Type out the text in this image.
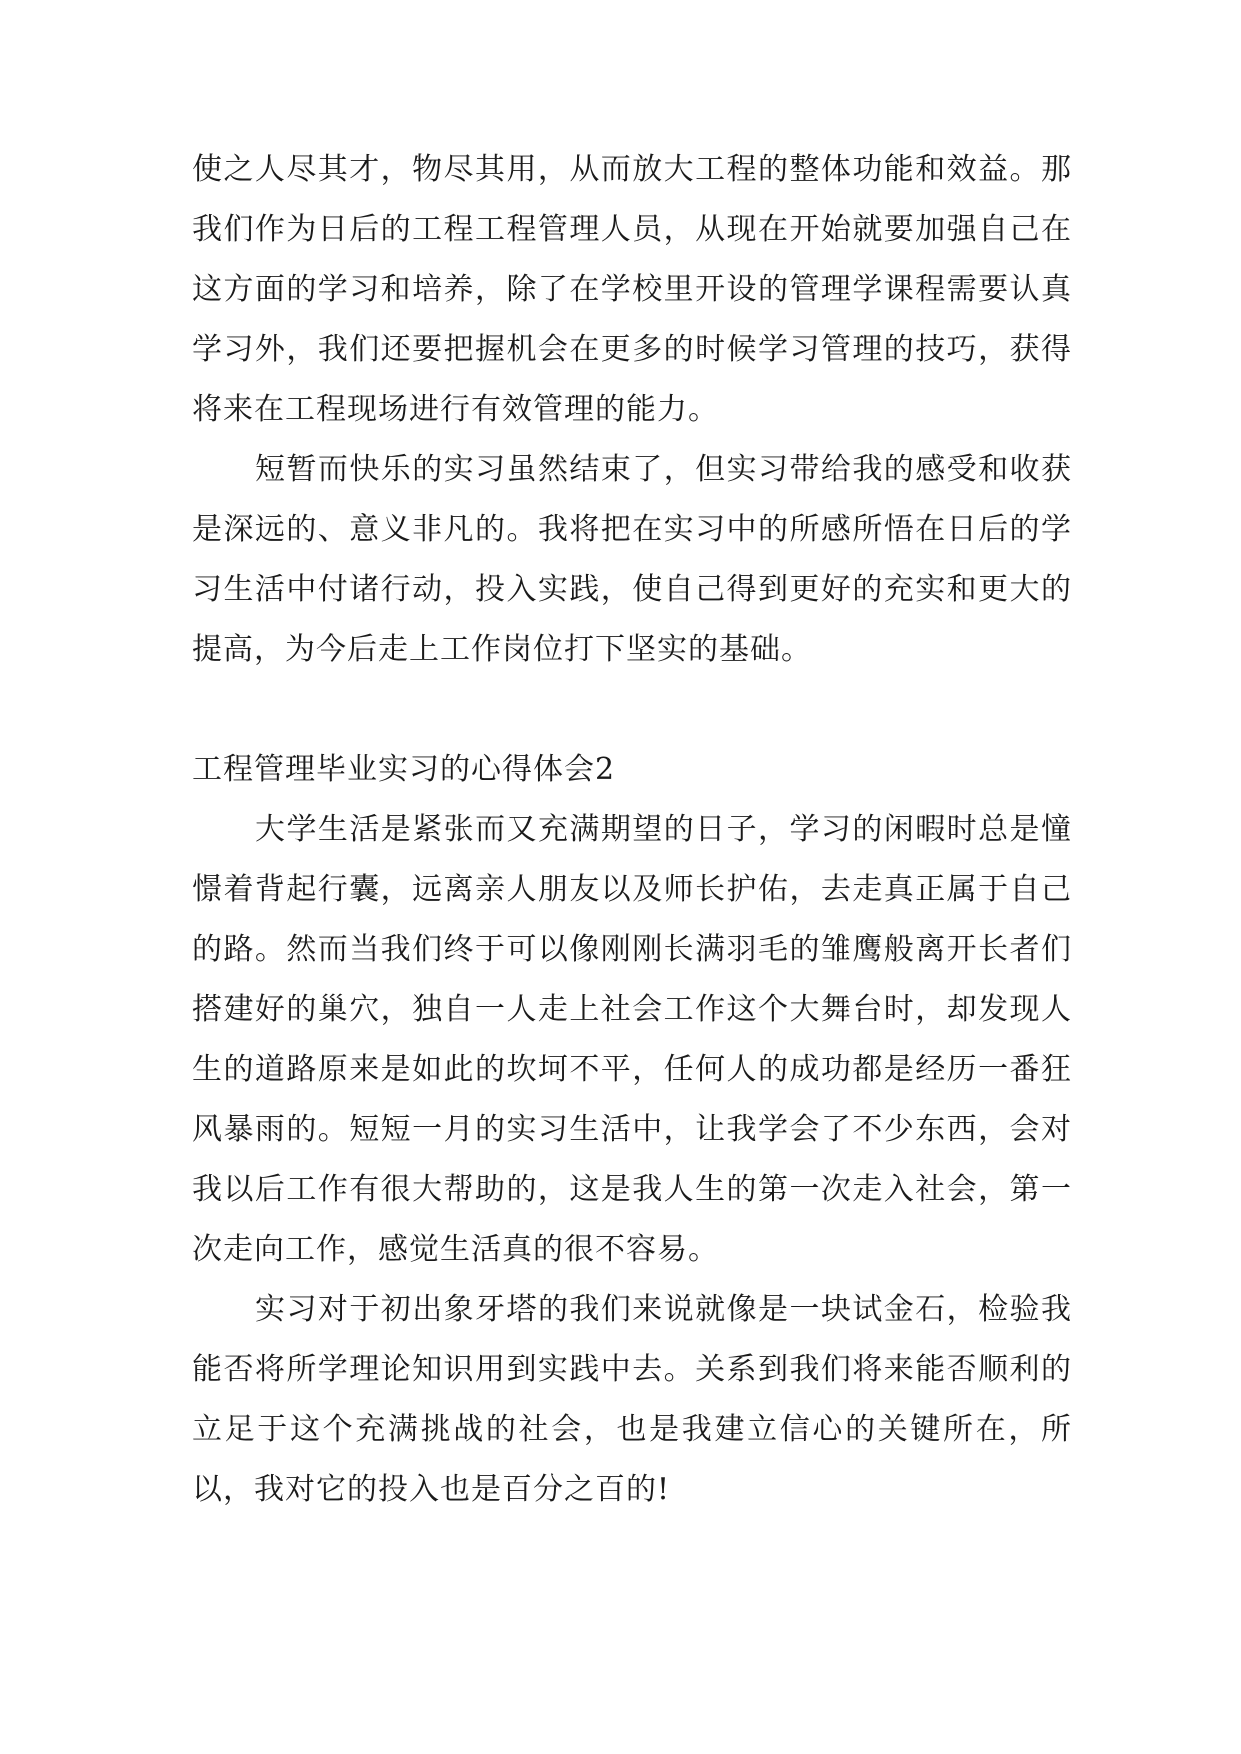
使之人尽其才，物尽其用，从而放大工程的整体功能和效益。那我们作为日后的工程工程管理人员，从现在开始就要加强自己在这方面的学习和培养，除了在学校里开设的管理学课程需要认真学习外，我们还要把握机会在更多的时候学习管理的技巧，获得将来在工程现场进行有效管理的能力。

短暂而快乐的实习虽然结束了，但实习带给我的感受和收获是深远的、意义非凡的。我将把在实习中的所感所悟在日后的学习生活中付诸行动，投入实践，使自己得到更好的充实和更大的提高，为今后走上工作岗位打下坚实的基础。

工程管理毕业实习的心得体会2

大学生活是紧张而又充满期望的日子，学习的闲暇时总是憧憬着背起行囊，远离亲人朋友以及师长护佑，去走真正属于自己的路。然而当我们终于可以像刚刚长满羽毛的雏鹰般离开长者们搭建好的巢穴，独自一人走上社会工作这个大舞台时，却发现人生的道路原来是如此的坎坷不平，任何人的成功都是经历一番狂风暴雨的。短短一月的实习生活中，让我学会了不少东西，会对我以后工作有很大帮助的，这是我人生的第一次走入社会，第一次走向工作，感觉生活真的很不容易。

实习对于初出象牙塔的我们来说就像是一块试金石，检验我能否将所学理论知识用到实践中去。关系到我们将来能否顺利的立足于这个充满挑战的社会，也是我建立信心的关键所在，所以，我对它的投入也是百分之百的!
